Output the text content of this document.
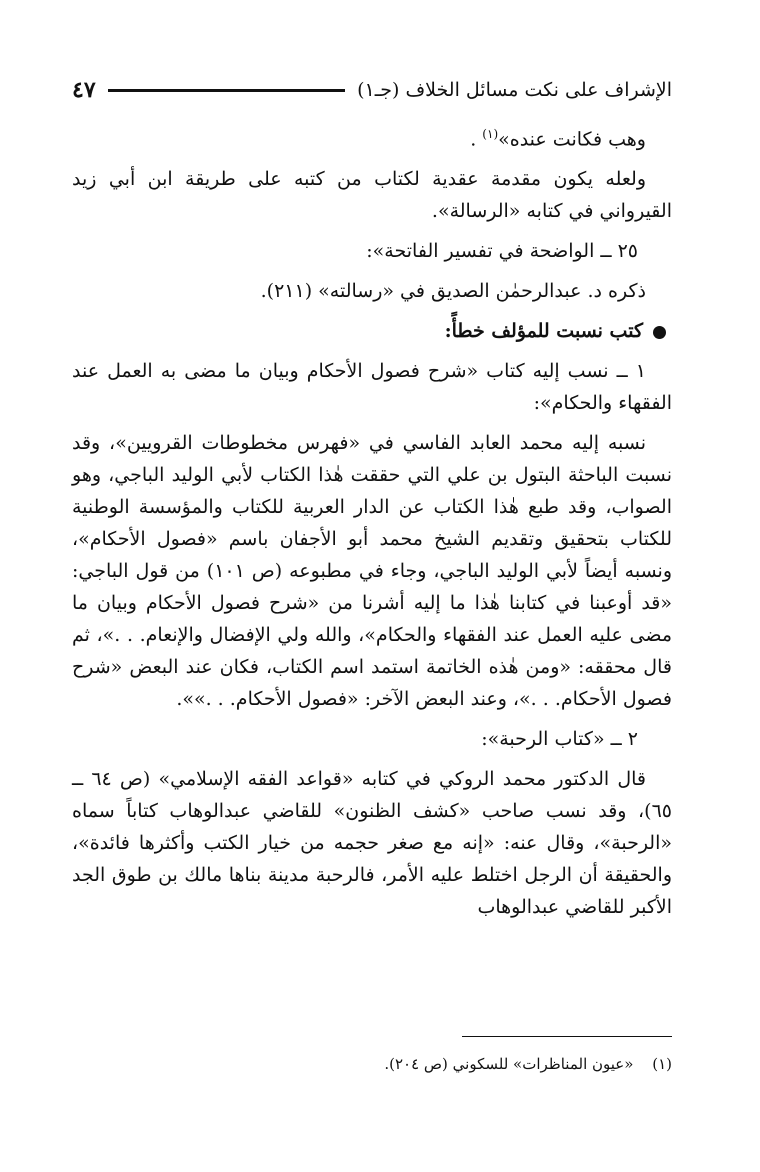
الإشراف على نكت مسائل الخلاف (جـ١)
٤٧

وهب فكانت عنده»$^{(١)}$ .

ولعله يكون مقدمة عقدية لكتاب من كتبه على طريقة ابن أبي زيد القيرواني في كتابه «الرسالة».

٢٥ ــ الواضحة في تفسير الفاتحة»:

ذكره د. عبدالرحمٰن الصديق في «رسالته» (٢١١).

كتب نسبت للمؤلف خطأً:

١ ــ نسب إليه كتاب «شرح فصول الأحكام وبيان ما مضى به العمل عند الفقهاء والحكام»:

نسبه إليه محمد العابد الفاسي في «فهرس مخطوطات القرويين»، وقد نسبت الباحثة البتول بن علي التي حققت هٰذا الكتاب لأبي الوليد الباجي، وهو الصواب، وقد طبع هٰذا الكتاب عن الدار العربية للكتاب والمؤسسة الوطنية للكتاب بتحقيق وتقديم الشيخ محمد أبو الأجفان باسم «فصول الأحكام»، ونسبه أيضاً لأبي الوليد الباجي، وجاء في مطبوعه (ص ١٠١) من قول الباجي: «قد أوعبنا في كتابنا هٰذا ما إليه أشرنا من «شرح فصول الأحكام وبيان ما مضى عليه العمل عند الفقهاء والحكام»، والله ولي الإفضال والإنعام. . .»، ثم قال محققه: «ومن هٰذه الخاتمة استمد اسم الكتاب، فكان عند البعض «شرح فصول الأحكام. . .»، وعند البعض الآخر: «فصول الأحكام. . .»».

٢ ــ «كتاب الرحبة»:

قال الدكتور محمد الروكي في كتابه «قواعد الفقه الإسلامي» (ص ٦٤ ــ ٦٥)، وقد نسب صاحب «كشف الظنون» للقاضي عبدالوهاب كتاباً سماه «الرحبة»، وقال عنه: «إنه مع صغر حجمه من خيار الكتب وأكثرها فائدة»، والحقيقة أن الرجل اختلط عليه الأمر، فالرحبة مدينة بناها مالك بن طوق الجد الأكبر للقاضي عبدالوهاب

(١) «عيون المناظرات» للسكوني (ص ٢٠٤).
